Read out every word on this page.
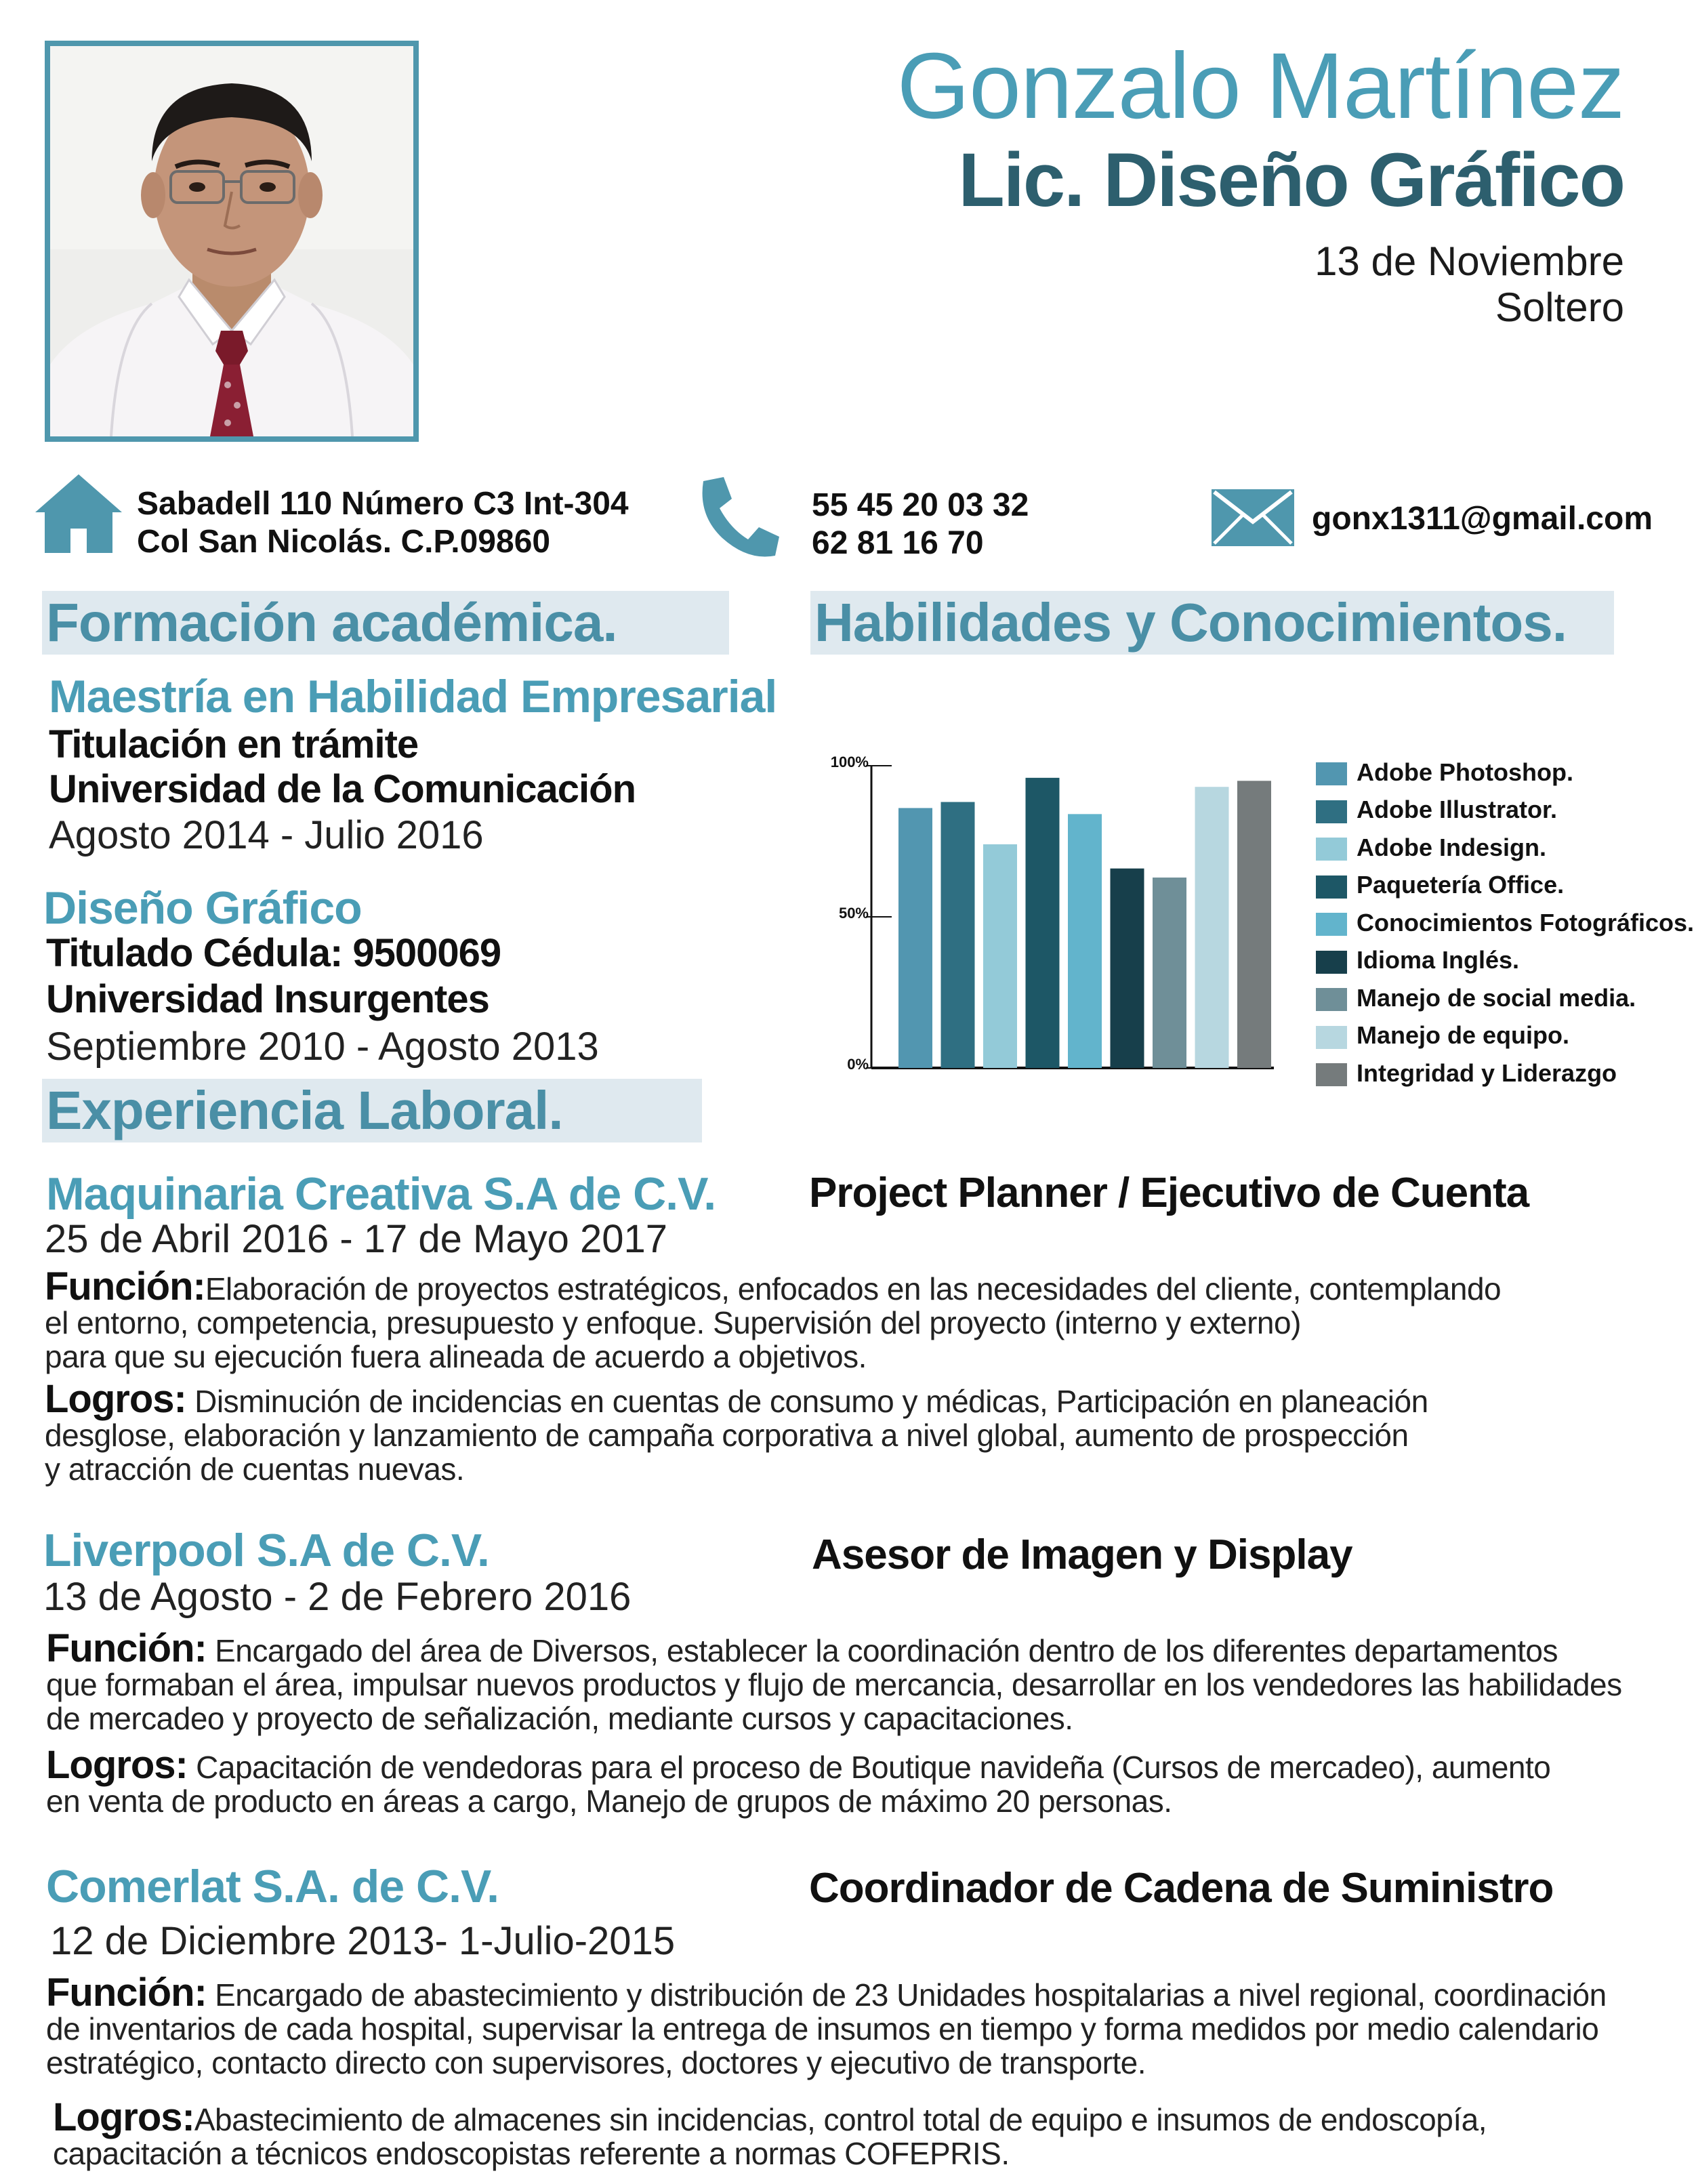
Gonzalo Martínez
Lic. Diseño Gráfico
13 de Noviembre
Soltero
Sabadell 110 Número C3 Int-304
Col San Nicolás. C.P.09860
55 45 20 03 32
62 81 16 70
gonx1311@gmail.com
Formación académica.
Maestría en Habilidad Empresarial
Titulación en trámite
Universidad de la Comunicación
Agosto 2014 - Julio 2016
Diseño Gráfico
Titulado Cédula: 9500069
Universidad Insurgentes
Septiembre 2010 - Agosto 2013
Habilidades y Conocimientos.
100%
50%
0%
Adobe Photoshop.
Adobe Illustrator.
Adobe Indesign.
Paquetería Office.
Conocimientos Fotográficos.
Idioma Inglés.
Manejo de social media.
Manejo de equipo.
Integridad y Liderazgo
Experiencia Laboral.
Maquinaria Creativa S.A de C.V.
25 de Abril 2016 - 17 de Mayo 2017
Project Planner / Ejecutivo de Cuenta
Función:Elaboración de proyectos estratégicos, enfocados en las necesidades del cliente, contemplando
el entorno, competencia, presupuesto y enfoque. Supervisión del proyecto (interno y externo)
para que su ejecución fuera alineada de acuerdo a objetivos.
Logros: Disminución de incidencias en cuentas de consumo y médicas, Participación en planeación
desglose, elaboración y lanzamiento de campaña corporativa a nivel global, aumento de prospección
y atracción de cuentas nuevas.
Liverpool S.A de C.V.
13 de Agosto - 2 de Febrero 2016
Asesor de Imagen y Display
Función: Encargado del área de Diversos, establecer la coordinación dentro de los diferentes departamentos
que formaban el área, impulsar nuevos productos y flujo de mercancia, desarrollar en los vendedores las habilidades
de mercadeo y proyecto de señalización, mediante cursos y capacitaciones.
Logros: Capacitación de vendedoras para el proceso de Boutique navideña (Cursos de mercadeo), aumento
en venta de producto en áreas a cargo, Manejo de grupos de máximo 20 personas.
Comerlat S.A. de C.V.
12 de Diciembre 2013- 1-Julio-2015
Coordinador de Cadena de Suministro
Función: Encargado de abastecimiento y distribución de 23 Unidades hospitalarias a nivel regional, coordinación
de inventarios de cada hospital, supervisar la entrega de insumos en tiempo y forma medidos por medio calendario
estratégico, contacto directo con supervisores, doctores y ejecutivo de transporte.
Logros:Abastecimiento de almacenes sin incidencias, control total de equipo e insumos de endoscopía,
capacitación a técnicos endoscopistas referente a normas COFEPRIS.
